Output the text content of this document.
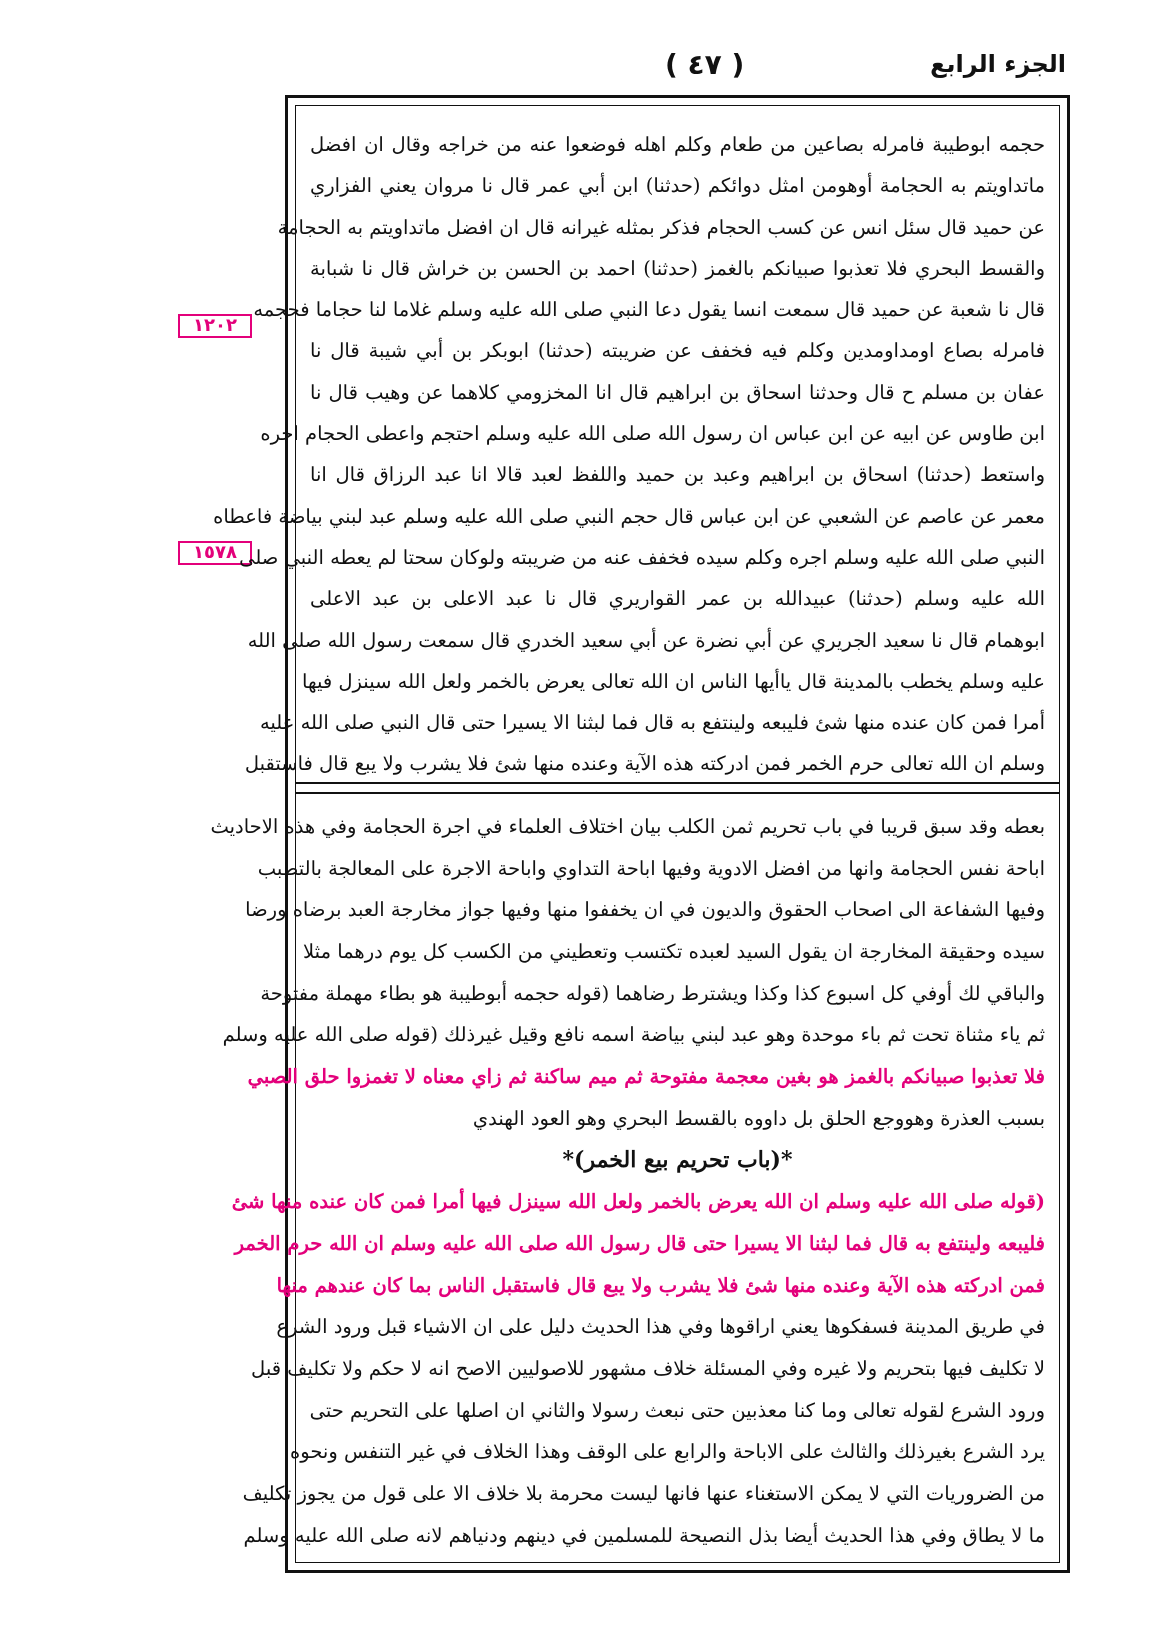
الجزء الرابع
( ٤٧ )
١٢٠٢
١٥٧٨
حجمه ابوطيبة فامرله بصاعين من طعام وكلم اهله فوضعوا عنه من خراجه وقال ان افضل
ماتداويتم به الحجامة أوهومن امثل دوائكم (حدثنا) ابن أبي عمر قال نا مروان يعني الفزاري
عن حميد قال سئل انس عن كسب الحجام فذكر بمثله غيرانه قال ان افضل ماتداويتم به الحجامة
والقسط البحري فلا تعذبوا صبيانكم بالغمز (حدثنا) احمد بن الحسن بن خراش قال نا شبابة
قال نا شعبة عن حميد قال سمعت انسا يقول دعا النبي صلى الله عليه وسلم غلاما لنا حجاما فحجمه
فامرله بصاع اومداومدين وكلم فيه فخفف عن ضريبته (حدثنا) ابوبكر بن أبي شيبة قال نا
عفان بن مسلم ح قال وحدثنا اسحاق بن ابراهيم قال انا المخزومي كلاهما عن وهيب قال نا
ابن طاوس عن ابيه عن ابن عباس ان رسول الله صلى الله عليه وسلم احتجم واعطى الحجام اجره
واستعط (حدثنا) اسحاق بن ابراهيم وعبد بن حميد واللفظ لعبد قالا انا عبد الرزاق قال انا
معمر عن عاصم عن الشعبي عن ابن عباس قال حجم النبي صلى الله عليه وسلم عبد لبني بياضة فاعطاه
النبي صلى الله عليه وسلم اجره وكلم سيده فخفف عنه من ضريبته ولوكان سحتا لم يعطه النبي صلى
الله عليه وسلم (حدثنا) عبيدالله بن عمر القواريري قال نا عبد الاعلى بن عبد الاعلى
ابوهمام قال نا سعيد الجريري عن أبي نضرة عن أبي سعيد الخدري قال سمعت رسول الله صلى الله
عليه وسلم يخطب بالمدينة قال ياأيها الناس ان الله تعالى يعرض بالخمر ولعل الله سينزل فيها
أمرا فمن كان عنده منها شئ فليبعه ولينتفع به قال فما لبثنا الا يسيرا حتى قال النبي صلى الله عليه
وسلم ان الله تعالى حرم الخمر فمن ادركته هذه الآية وعنده منها شئ فلا يشرب ولا يبع قال فاستقبل
بعطه وقد سبق قريبا في باب تحريم ثمن الكلب بيان اختلاف العلماء في اجرة الحجامة وفي هذه الاحاديث
اباحة نفس الحجامة وانها من افضل الادوية وفيها اباحة التداوي واباحة الاجرة على المعالجة بالتطبب
وفيها الشفاعة الى اصحاب الحقوق والديون في ان يخففوا منها وفيها جواز مخارجة العبد برضاه ورضا
سيده وحقيقة المخارجة ان يقول السيد لعبده تكتسب وتعطيني من الكسب كل يوم درهما مثلا
والباقي لك أوفي كل اسبوع كذا وكذا ويشترط رضاهما (قوله حجمه أبوطيبة هو بطاء مهملة مفتوحة
ثم ياء مثناة تحت ثم باء موحدة وهو عبد لبني بياضة اسمه نافع وقيل غيرذلك (قوله صلى الله عليه وسلم
فلا تعذبوا صبيانكم بالغمز هو بغين معجمة مفتوحة ثم ميم ساكنة ثم زاي معناه لا تغمزوا حلق الصبي
بسبب العذرة وهووجع الحلق بل داووه بالقسط البحري وهو العود الهندي
*(باب تحريم بيع الخمر)*
(قوله صلى الله عليه وسلم ان الله يعرض بالخمر ولعل الله سينزل فيها أمرا فمن كان عنده منها شئ
فليبعه ولينتفع به قال فما لبثنا الا يسيرا حتى قال رسول الله صلى الله عليه وسلم ان الله حرم الخمر
فمن ادركته هذه الآية وعنده منها شئ فلا يشرب ولا يبع قال فاستقبل الناس بما كان عندهم منها
في طريق المدينة فسفكوها يعني اراقوها وفي هذا الحديث دليل على ان الاشياء قبل ورود الشرع
لا تكليف فيها بتحريم ولا غيره وفي المسئلة خلاف مشهور للاصوليين الاصح انه لا حكم ولا تكليف قبل
ورود الشرع لقوله تعالى وما كنا معذبين حتى نبعث رسولا والثاني ان اصلها على التحريم حتى
يرد الشرع بغيرذلك والثالث على الاباحة والرابع على الوقف وهذا الخلاف في غير التنفس ونحوه
من الضروريات التي لا يمكن الاستغناء عنها فانها ليست محرمة بلا خلاف الا على قول من يجوز تكليف
ما لا يطاق وفي هذا الحديث أيضا بذل النصيحة للمسلمين في دينهم ودنياهم لانه صلى الله عليه وسلم
